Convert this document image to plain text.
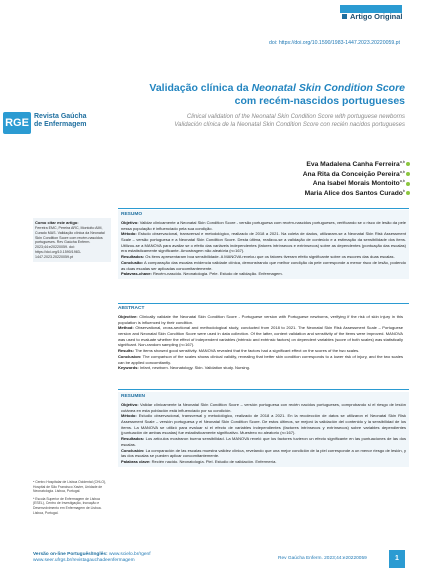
Artigo Original
doi: https://doi.org/10.1590/1983-1447.2023.20220059.pt
Validação clínica da Neonatal Skin Condition Score com recém-nascidos portugueses
RGE
Revista Gaúcha
de Enfermagem
Clinical validation of the Neonatal Skin Condition Score with portuguese newborns
Validación clínica de la Neonatal Skin Condition Score con recién nacidos portugueses
Eva Madalena Canha Ferreira$^{a,b}$
Ana Rita da Conceição Pereira$^{a,b}$
Ana Isabel Morais Montoito$^{a,b}$
Maria Alice dos Santos Curado$^b$
Como citar este artigo:
Ferreira EMC, Pereira ARC, Montoito AIM, Curado MAS. Validação clínica da Neonatal Skin Condition Score com recém-nascidos portugueses. Rev Gaúcha Enferm. 2023;44:e20220059. doi: https://doi.org/10.1590/1983-1447.2023.20220059.pt
ᵃ Centro Hospitalar de Lisboa Ocidental (CHLO), Hospital de São Francisco Xavier, Unidade de Neonatologia. Lisboa, Portugal.
ᵇ Escola Superior de Enfermagem de Lisboa (ESEL), Centro de Investigação, Inovação e Desenvolvimento em Enfermagem de Lisboa. Lisboa, Portugal.
RESUMO
Objetivo: Validar clinicamente a Neonatal Skin Condition Score - versão portuguesa com recém-nascidos portugueses, verificando se o risco de lesão da pele nessa população é influenciado pela sua condição.
Método: Estudo observacional, transversal e metodológico, realizado de 2018 a 2021. Na coleta de dados, utilizaram-se a Neonatal Skin Risk Assessment Scale – versão portuguesa e a Neonatal Skin Condition Score. Desta última, realizou-se a validação de conteúdo e a estimação da sensibilidade dos itens. Utilizou-se a MANOVA para avaliar se o efeito das variáveis independentes (fatores intrínsecos e extrínsecos) sobre as dependentes (pontuação das escalas) era estatisticamente significante. Amostragem não aleatória (n=167).
Resultados: Os itens apresentaram boa sensibilidade. A MANOVA revelou que os fatores tiveram efeito significante sobre os escores das duas escalas.
Conclusão: A comparação das escalas evidencia validade clínica, demonstrando que melhor condição da pele corresponde a menor risco de lesão, podendo as duas escalas ser aplicadas concomitantemente.
Palavras-chave: Recém-nascido. Neonatologia. Pele. Estudo de validação. Enfermagem.
ABSTRACT
Objective: Clinically validate the Neonatal Skin Condition Score - Portuguese version with Portuguese newborns, verifying if the risk of skin injury in this population is influenced by their condition.
Method: Observational, cross-sectional and methodological study, conducted from 2018 to 2021. The Neonatal Skin Risk Assessment Scale – Portuguese version and Neonatal Skin Condition Score were used in data collection. Of the latter, content validation and sensitivity of the items were improved. MANOVA was used to evaluate whether the effect of independent variables (intrinsic and extrinsic factors) on dependent variables (score of both scales) was statistically significant. Non-random sampling (n=167).
Results: The items showed good sensitivity. MANOVA revealed that the factors had a significant effect on the scores of the two scales.
Conclusion: The comparison of the scales shows clinical validity, revealing that better skin condition corresponds to a lower risk of injury, and the two scales can be applied concomitantly.
Keywords: Infant, newborn. Neonatology. Skin. Validation study. Nursing.
RESUMEN
Objetivo: Validar clínicamente la Neonatal Skin Condition Score – versión portuguesa con recién nacidos portugueses, comprobando si el riesgo de lesión cutánea en esta población está influenciado por su condición.
Método: Estudio observacional, transversal y metodológico, realizado de 2018 a 2021. En la recolección de datos se utilizaron el Neonatal Skin Risk Assessment Scale – versión portuguesa y el Neonatal Skin Condition Score. De estos últimos, se mejoró la validación del contenido y la sensibilidad de los ítems. La MANOVA se utilizó para evaluar si el efecto de variables independientes (factores intrínsecos y extrínsecos) sobre variables dependientes (puntuación de ambas escalas) fue estadísticamente significativo. Muestreo no aleatorio (n=167).
Resultados: Los artículos mostraron buena sensibilidad. La MANOVA reveló que los factores tuvieron un efecto significante en las puntuaciones de las dos escalas.
Conclusión: La comparación de las escalas muestra validez clínica, revelando que una mejor condición de la piel corresponde a un menor riesgo de lesión, y las dos escalas se pueden aplicar concomitantemente.
Palabras clave: Recién nacido. Neonatología. Piel. Estudio de validación. Enfermería.
Versão on-line Português/Inglês: www.scielo.br/rgenf
www.seer.ufrgs.br/revistagauchadeenfermagem	Rev Gaúcha Enferm. 2023;44:e20220059	1
